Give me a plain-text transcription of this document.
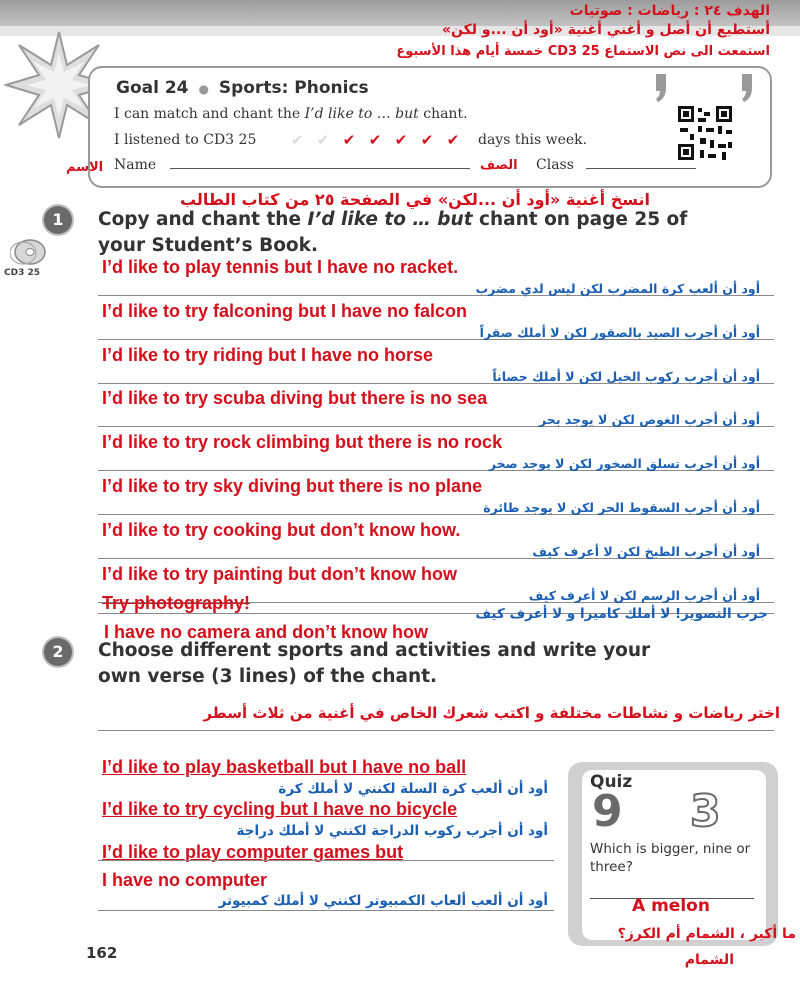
الهدف ٢٤ : رياضات : صوتيات
أستطيع أن أصل و أغني أغنية «أود أن ...و لكن»
استمعت الى نص الاستماع CD3 25 خمسة أيام هذا الأسبوع
Goal 24 ● Sports: Phonics
I can match and chant the I’d like to … but chant.
I listened to CD3 25	✔ ✔ ✔ ✔ ✔ ✔ ✔	days this week.
Name	الصف Class
الاسم
انسخ أغنية «أود أن ...لكن» في الصفحة ٢٥ من كتاب الطالب
1	Copy and chant the I’d like to … but chant on page 25 of
your Student’s Book.
CD3 25	I’d like to play tennis but I have no racket.
أود أن ألعب كرة المضرب لكن ليس لدي مضرب
I’d like to try falconing but I have no falcon
أود أن أجرب الصيد بالصقور لكن لا أملك صقراً
I’d like to try riding but I have no horse
أود أن أجرب ركوب الخيل لكن لا أملك حصاناً
I’d like to try scuba diving but there is no sea
أود أن أجرب الغوص لكن لا يوجد بحر
I’d like to try rock climbing but there is no rock
أود أن أجرب تسلق الصخور لكن لا يوجد صخر
I’d like to try sky diving but there is no plane
أود أن أجرب السقوط الحر لكن لا يوجد طائرة
I’d like to try cooking but don’t know how.
أود أن أجرب الطبخ لكن لا أعرف كيف
I’d like to try painting but don’t know how
أود أن أجرب الرسم لكن لا أعرف كيف
Try photography!
جرب التصوير! لا أملك كاميرا و لا أعرف كيف
I have no camera and don’t know how
2	Choose different sports and activities and write your
own verse (3 lines) of the chant.
اختر رياضات و نشاطات مختلفة و اكتب شعرك الخاص في أغنية من ثلاث أسطر
I’d like to play basketball but I have no ball
أود أن ألعب كرة السلة لكنني لا أملك كرة
I’d like to try cycling but I have no bicycle
أود أن أجرب ركوب الدراجة لكنني لا أملك دراجة
I’d like to play computer games but
I have no computer
أود أن ألعب ألعاب الكمبيوتر لكنني لا أملك كمبيوتر
Quiz
9 3
Which is bigger, nine or three?
A melon
ما أكبر ، الشمام أم الكرز؟
الشمام
162
